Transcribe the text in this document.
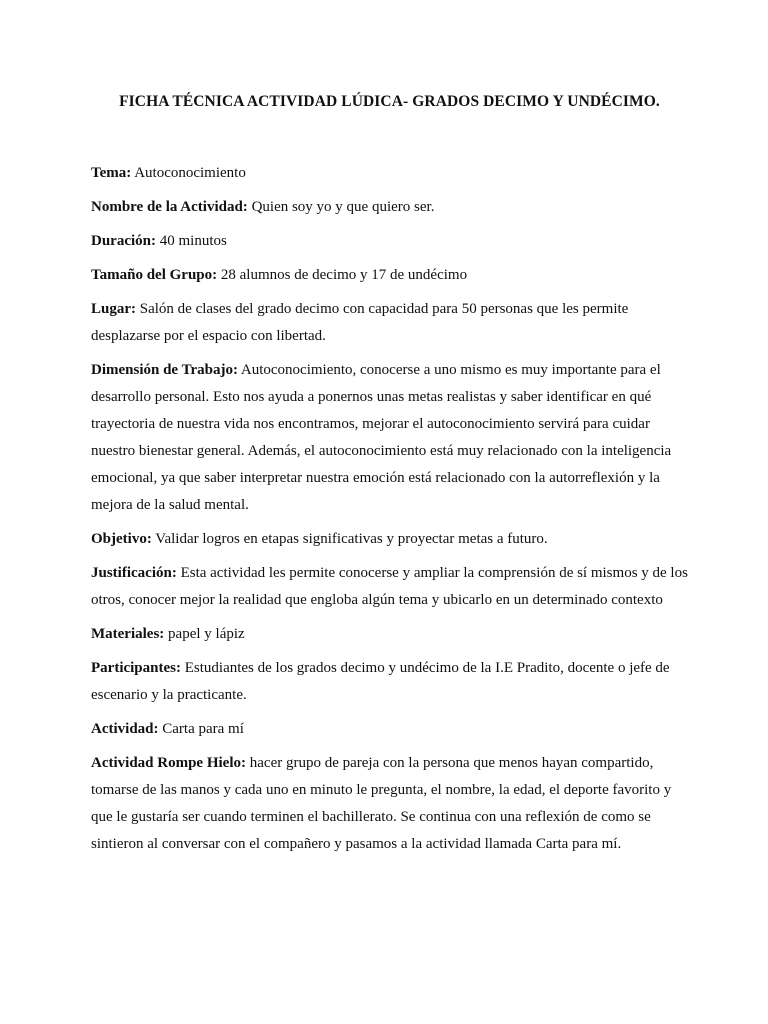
FICHA TÉCNICA ACTIVIDAD LÚDICA- GRADOS DECIMO Y UNDÉCIMO.

Tema: Autoconocimiento

Nombre de la Actividad: Quien soy yo y que quiero ser.

Duración: 40 minutos

Tamaño del Grupo: 28 alumnos de decimo y 17 de undécimo

Lugar: Salón de clases del grado decimo con capacidad para 50 personas que les permite desplazarse por el espacio con libertad.

Dimensión de Trabajo: Autoconocimiento, conocerse a uno mismo es muy importante para el desarrollo personal. Esto nos ayuda a ponernos unas metas realistas y saber identificar en qué trayectoria de nuestra vida nos encontramos, mejorar el autoconocimiento servirá para cuidar nuestro bienestar general. Además, el autoconocimiento está muy relacionado con la inteligencia emocional, ya que saber interpretar nuestra emoción está relacionado con la autorreflexión y la mejora de la salud mental.

Objetivo: Validar logros en etapas significativas y proyectar metas a futuro.

Justificación: Esta actividad les permite conocerse y ampliar la comprensión de sí mismos y de los otros, conocer mejor la realidad que engloba algún tema y ubicarlo en un determinado contexto

Materiales: papel y lápiz

Participantes: Estudiantes de los grados decimo y undécimo de la I.E Pradito, docente o jefe de escenario y la practicante.

Actividad: Carta para mí

Actividad Rompe Hielo: hacer grupo de pareja con la persona que menos hayan compartido, tomarse de las manos y cada uno en minuto le pregunta, el nombre, la edad, el deporte favorito y que le gustaría ser cuando terminen el bachillerato. Se continua con una reflexión de como se sintieron al conversar con el compañero y pasamos a la actividad llamada Carta para mí.
